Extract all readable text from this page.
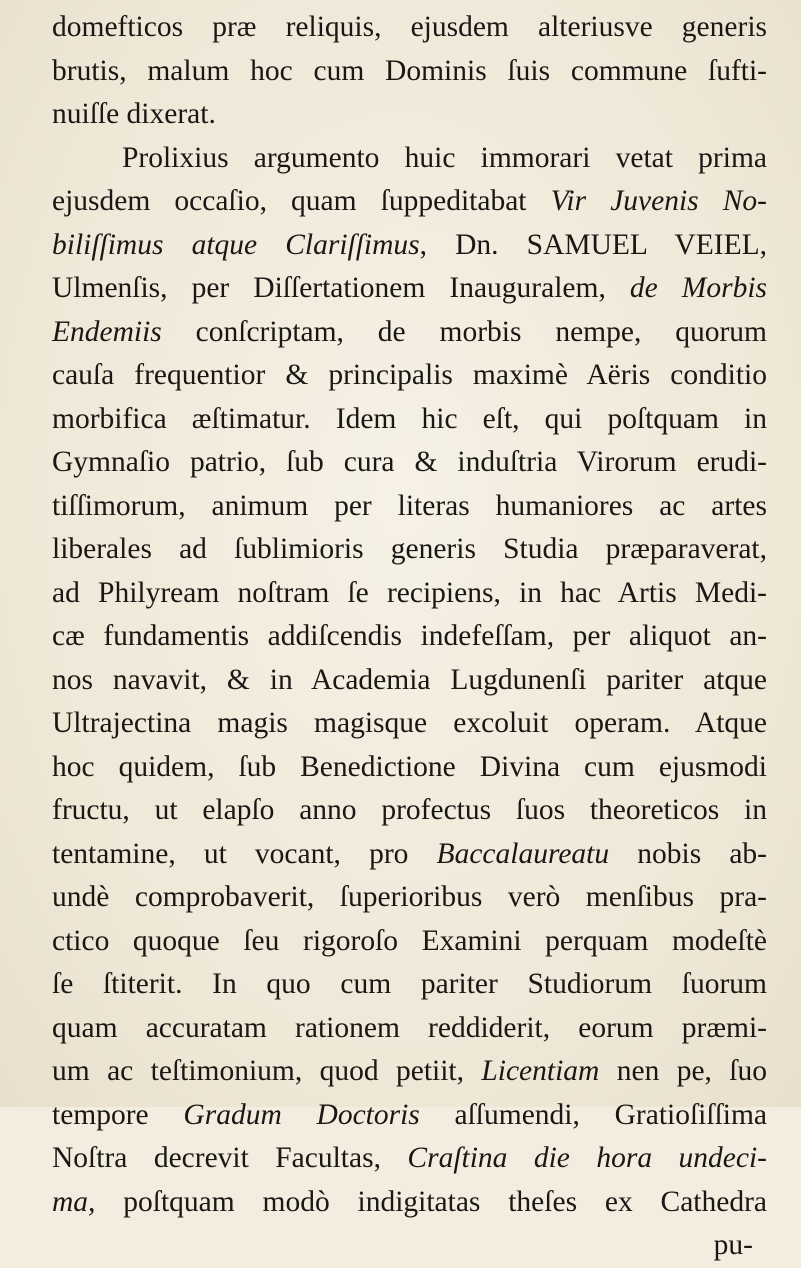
domefticos præ reliquis, ejusdem alteriusve generis
brutis, malum hoc cum Dominis ſuis commune ſufti-
nuiſſe dixerat.
Prolixius argumento huic immorari vetat prima
ejusdem occaſio, quam ſuppeditabat Vir Juvenis No-
biliſſimus atque Clariſſimus, Dn. SAMUEL VEIEL,
Ulmenſis, per Diſſertationem Inauguralem, de Morbis
Endemiis conſcriptam, de morbis nempe, quorum
cauſa frequentior & principalis maximè Aëris conditio
morbifica æſtimatur. Idem hic eſt, qui poſtquam in
Gymnaſio patrio, ſub cura & induſtria Virorum erudi-
tiſſimorum, animum per literas humaniores ac artes
liberales ad ſublimioris generis Studia præparaverat,
ad Philyream noſtram ſe recipiens, in hac Artis Medi-
cæ fundamentis addiſcendis indefeſſam, per aliquot an-
nos navavit, & in Academia Lugdunenſi pariter atque
Ultrajectina magis magisque excoluit operam. Atque
hoc quidem, ſub Benedictione Divina cum ejusmodi
fructu, ut elapſo anno profectus ſuos theoreticos in
tentamine, ut vocant, pro Baccalaureatu nobis ab-
undè comprobaverit, ſuperioribus verò menſibus pra-
ctico quoque ſeu rigoroſo Examini perquam modeſtè
ſe ſtiterit. In quo cum pariter Studiorum ſuorum
quam accuratam rationem reddiderit, eorum præmi-
um ac teſtimonium, quod petiit, Licentiam nen pe, ſuo
tempore Gradum Doctoris aſſumendi, Gratioſiſſima
Noſtra decrevit Facultas, Craſtina die hora undeci-
ma, poſtquam modò indigitatas theſes ex Cathedra
pu-
